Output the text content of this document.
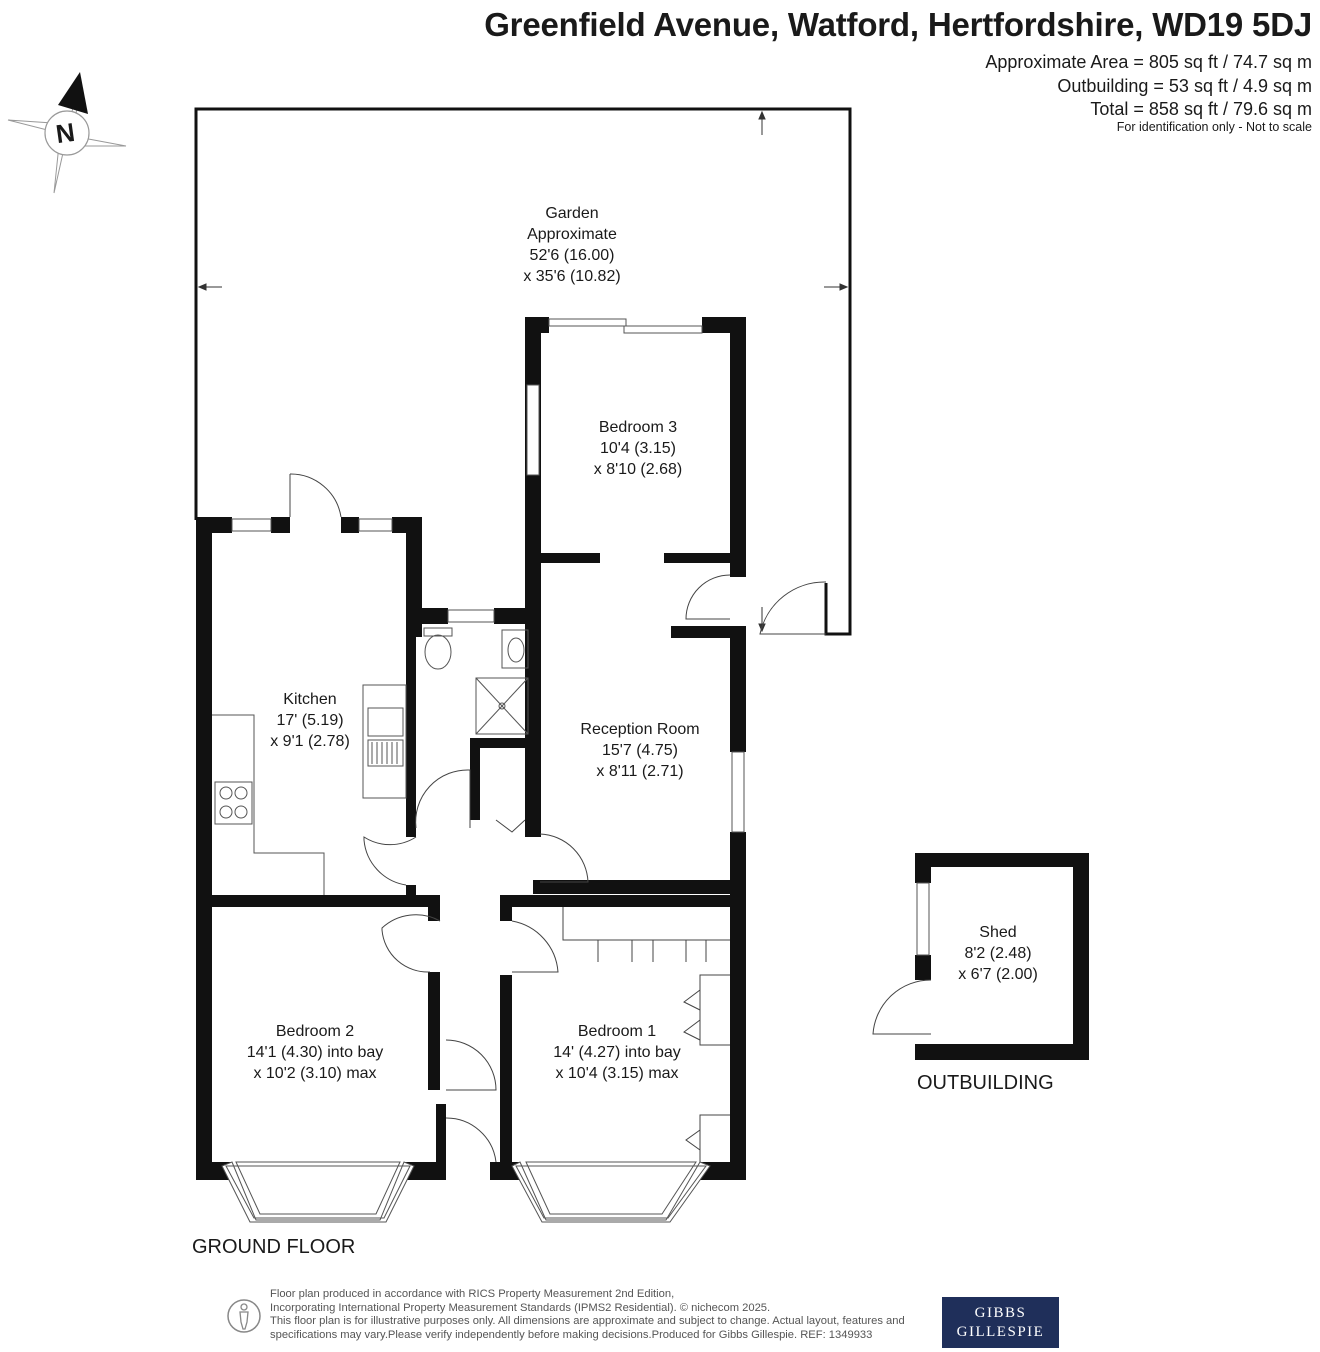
Greenfield Avenue, Watford, Hertfordshire, WD19 5DJ
Approximate Area = 805 sq ft / 74.7 sq m
Outbuilding = 53 sq ft / 4.9 sq m
Total = 858 sq ft / 79.6 sq m
For identification only - Not to scale
N
Garden
Approximate
52'6 (16.00)
x 35'6 (10.82)
Bedroom 3
10'4 (3.15)
x 8'10 (2.68)
Kitchen
17' (5.19)
x 9'1 (2.78)
Reception Room
15'7 (4.75)
x 8'11 (2.71)
Bedroom 2
14'1 (4.30) into bay
x 10'2 (3.10) max
Bedroom 1
14' (4.27) into bay
x 10'4 (3.15) max
Shed
8'2 (2.48)
x 6'7 (2.00)
GROUND FLOOR
OUTBUILDING
Floor plan produced in accordance with RICS Property Measurement 2nd Edition,
Incorporating International Property Measurement Standards (IPMS2 Residential). © nichecom 2025.
This floor plan is for illustrative purposes only. All dimensions are approximate and subject to change. Actual layout, features and
specifications may vary.Please verify independently before making decisions.Produced for Gibbs Gillespie. REF: 1349933
GIBBS
GILLESPIE
